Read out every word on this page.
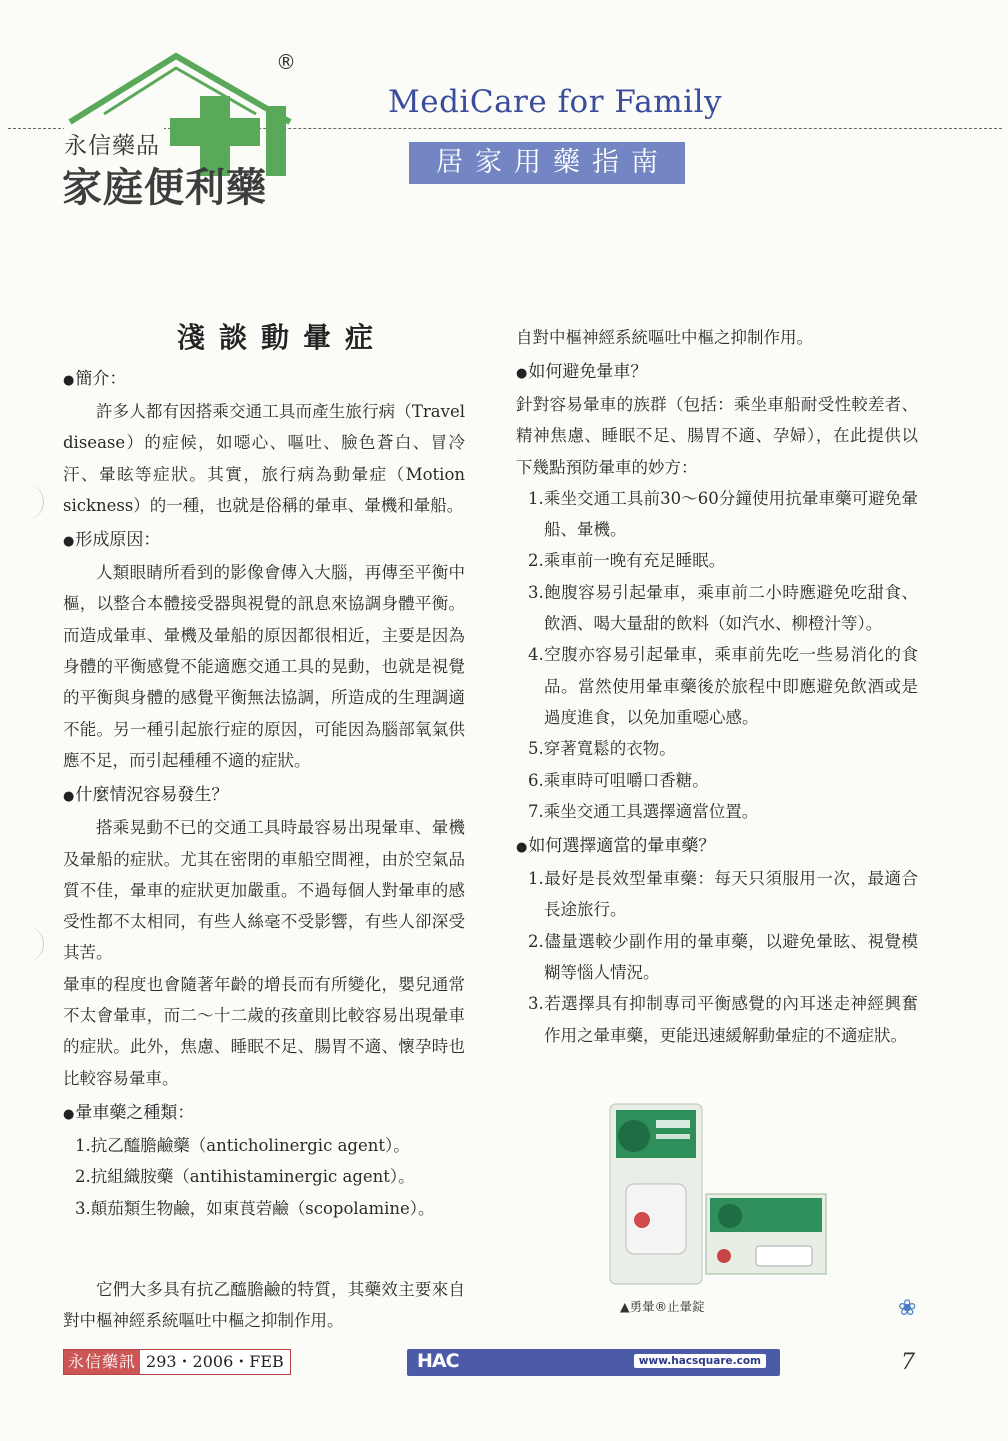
®
永信藥品
家庭便利藥
MediCare for Family
居家用藥指南
淺談動暈症
● 簡介：

許多人都有因搭乘交通工具而產生旅行病（Travel disease）的症候，如噁心、嘔吐、臉色蒼白、冒冷汗、暈眩等症狀。其實，旅行病為動暈症（Motion sickness）的一種，也就是俗稱的暈車、暈機和暈船。

● 形成原因：

人類眼睛所看到的影像會傳入大腦，再傳至平衡中樞，以整合本體接受器與視覺的訊息來協調身體平衡。而造成暈車、暈機及暈船的原因都很相近，主要是因為身體的平衡感覺不能適應交通工具的晃動，也就是視覺的平衡與身體的感覺平衡無法協調，所造成的生理調適不能。另一種引起旅行症的原因，可能因為腦部氧氣供應不足，而引起種種不適的症狀。

● 什麼情況容易發生？

搭乘晃動不已的交通工具時最容易出現暈車、暈機及暈船的症狀。尤其在密閉的車船空間裡，由於空氣品質不佳，暈車的症狀更加嚴重。不過每個人對暈車的感受性都不太相同，有些人絲毫不受影響，有些人卻深受其苦。

暈車的程度也會隨著年齡的增長而有所變化，嬰兒通常不太會暈車，而二～十二歲的孩童則比較容易出現暈車的症狀。此外，焦慮、睡眠不足、腸胃不適、懷孕時也比較容易暈車。

● 暈車藥之種類：
1.抗乙醯膽鹼藥（anticholinergic agent）。
2.抗組織胺藥（antihistaminergic agent）。
3.顛茄類生物鹼，如東莨菪鹼（scopolamine）。
它們大多具有抗乙醯膽鹼的特質，其藥效主要來自對中樞神經系統嘔吐中樞之抑制作用。

自對中樞神經系統嘔吐中樞之抑制作用。

● 如何避免暈車？

針對容易暈車的族群（包括：乘坐車船耐受性較差者、精神焦慮、睡眠不足、腸胃不適、孕婦），在此提供以下幾點預防暈車的妙方：

1.乘坐交通工具前30～60分鐘使用抗暈車藥可避免暈船、暈機。
2.乘車前一晚有充足睡眠。
3.飽腹容易引起暈車，乘車前二小時應避免吃甜食、飲酒、喝大量甜的飲料（如汽水、柳橙汁等）。
4.空腹亦容易引起暈車，乘車前先吃一些易消化的食品。當然使用暈車藥後於旅程中即應避免飲酒或是過度進食，以免加重噁心感。
5.穿著寬鬆的衣物。
6.乘車時可咀嚼口香糖。
7.乘坐交通工具選擇適當位置。
● 如何選擇適當的暈車藥？
1.最好是長效型暈車藥：每天只須服用一次，最適合長途旅行。
2.儘量選較少副作用的暈車藥，以避免暈眩、視覺模糊等惱人情況。
3.若選擇具有抑制專司平衡感覺的內耳迷走神經興奮作用之暈車藥，更能迅速緩解動暈症的不適症狀。
▲勇暈®止暈錠	❀
永信藥訊 293・2006・FEB	HAC	www.hacsquare.com	7
